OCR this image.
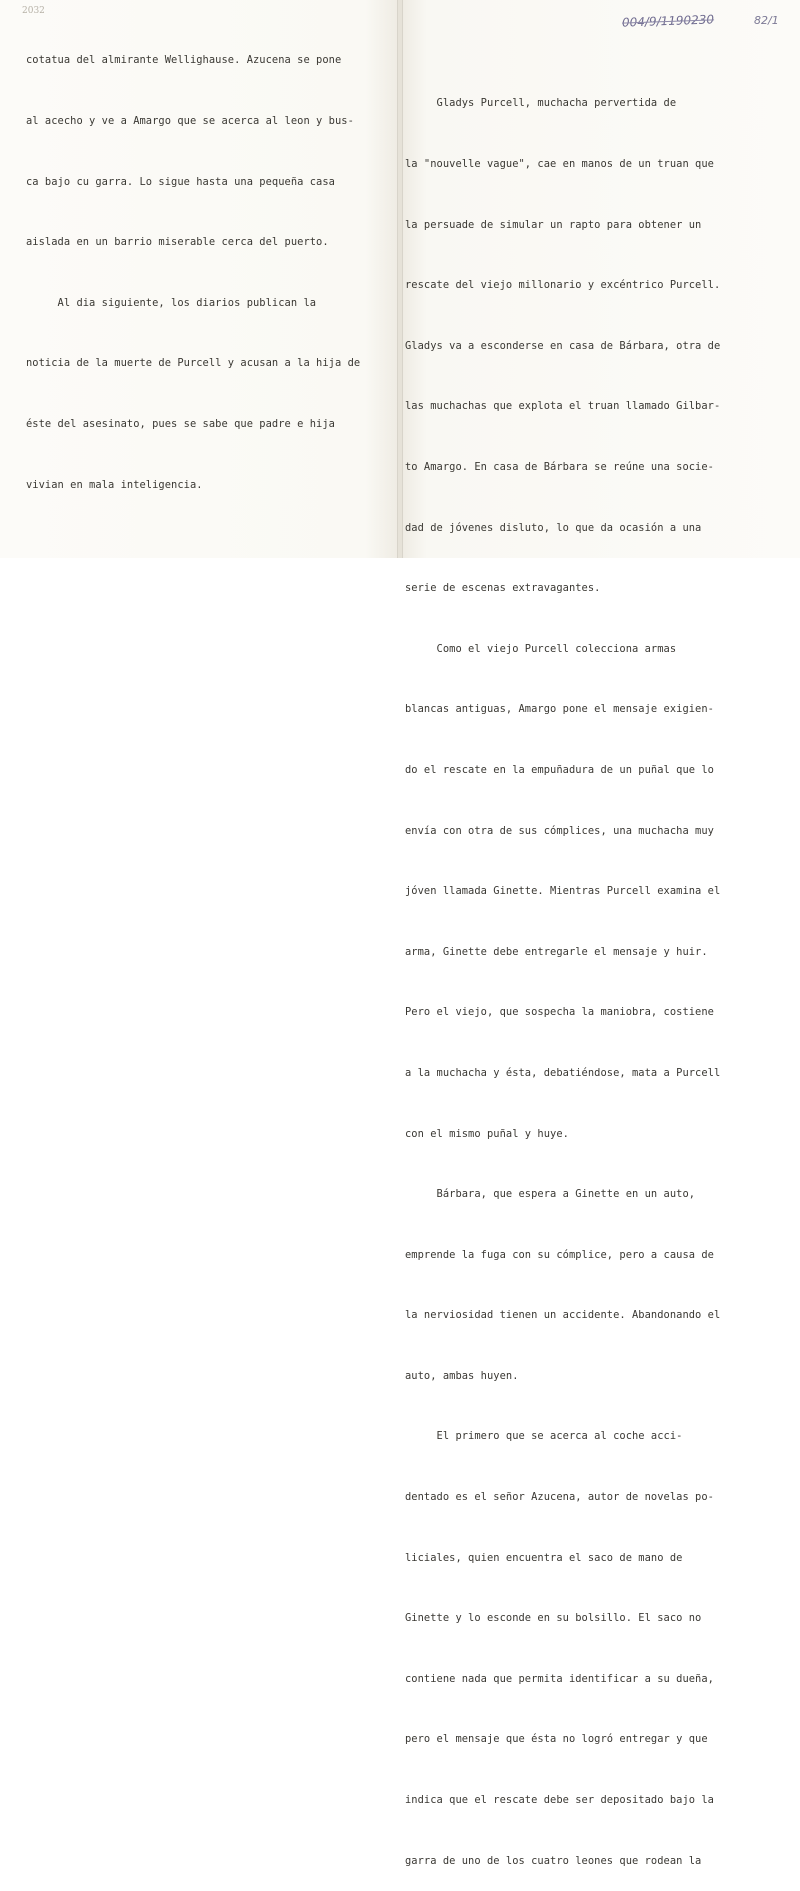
2032
004/9/1190230	82/1

cotatua del almirante Wellighause. Azucena se pone

al acecho y ve a Amargo que se acerca al leon y bus-

ca bajo cu garra. Lo sigue hasta una pequeña casa

aislada en un barrio miserable cerca del puerto.

Al dia siguiente, los diarios publican la

noticia de la muerte de Purcell y acusan a la hija de

éste del asesinato, pues se sabe que padre e hija

vivian en mala inteligencia.

Gladys Purcell, muchacha pervertida de

la "nouvelle vague", cae en manos de un truan que

la persuade de simular un rapto para obtener un

rescate del viejo millonario y excéntrico Purcell.

Gladys va a esconderse en casa de Bárbara, otra de

las muchachas que explota el truan llamado Gilbar-

to Amargo. En casa de Bárbara se reúne una socie-

dad de jóvenes disluto, lo que da ocasión a una

serie de escenas extravagantes.

Como el viejo Purcell colecciona armas

blancas antiguas, Amargo pone el mensaje exigien-

do el rescate en la empuñadura de un puñal que lo

envía con otra de sus cómplices, una muchacha muy

jóven llamada Ginette. Mientras Purcell examina el

arma, Ginette debe entregarle el mensaje y huir.

Pero el viejo, que sospecha la maniobra, costiene

a la muchacha y ésta, debatiéndose, mata a Purcell

con el mismo puñal y huye.

Bárbara, que espera a Ginette en un auto,

emprende la fuga con su cómplice, pero a causa de

la nerviosidad tienen un accidente. Abandonando el

auto, ambas huyen.

El primero que se acerca al coche acci-

dentado es el señor Azucena, autor de novelas po-

liciales, quien encuentra el saco de mano de

Ginette y lo esconde en su bolsillo. El saco no

contiene nada que permita identificar a su dueña,

pero el mensaje que ésta no logró entregar y que

indica que el rescate debe ser depositado bajo la

garra de uno de los cuatro leones que rodean la
